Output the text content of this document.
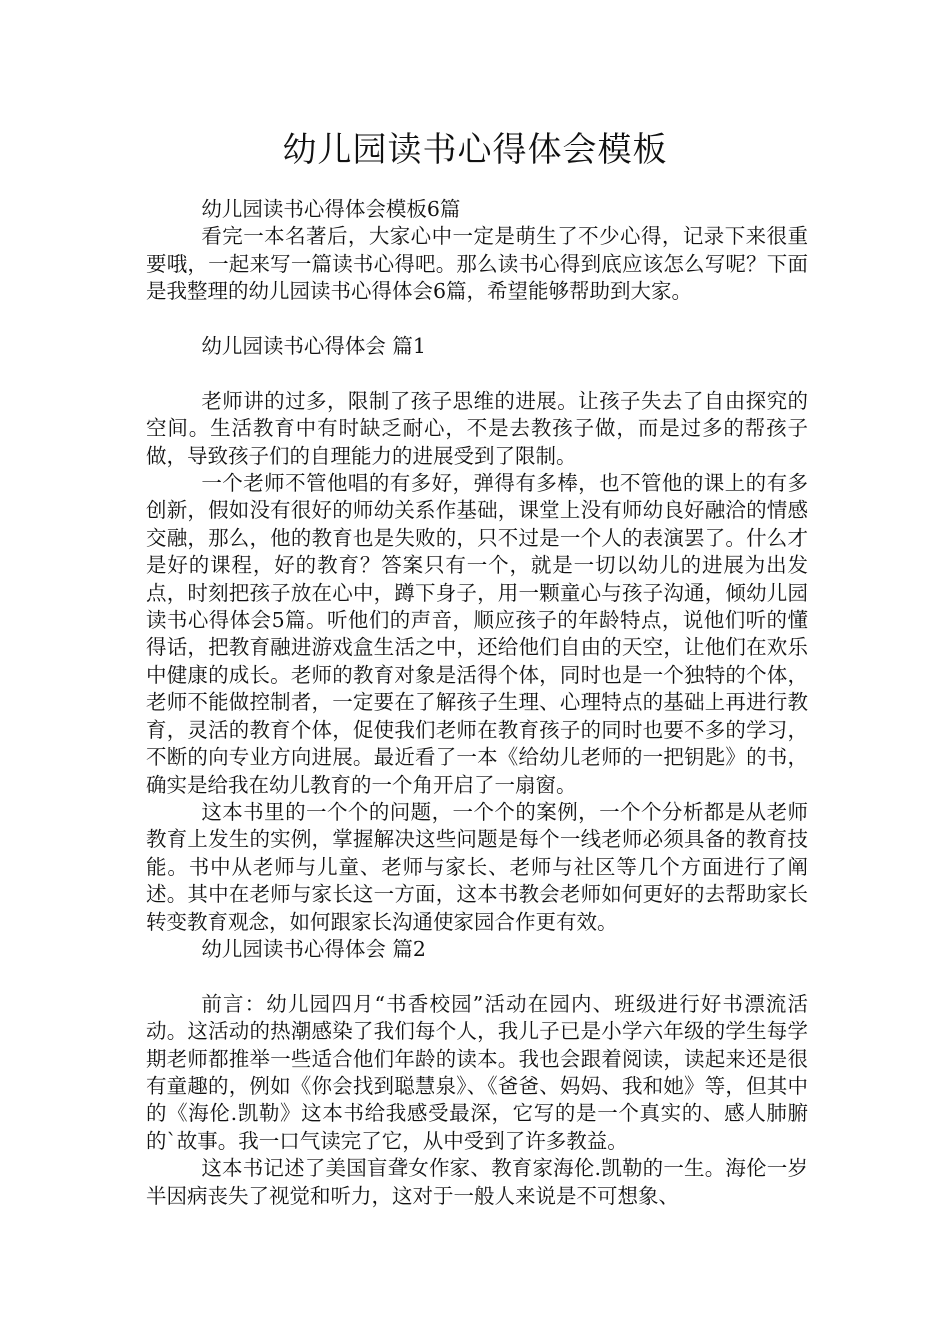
幼儿园读书心得体会模板

幼儿园读书心得体会模板6篇

看完一本名著后，大家心中一定是萌生了不少心得，记录下来很重要哦，一起来写一篇读书心得吧。那么读书心得到底应该怎么写呢？下面是我整理的幼儿园读书心得体会6篇，希望能够帮助到大家。

幼儿园读书心得体会 篇1

老师讲的过多，限制了孩子思维的进展。让孩子失去了自由探究的空间。生活教育中有时缺乏耐心，不是去教孩子做，而是过多的帮孩子做，导致孩子们的自理能力的进展受到了限制。

一个老师不管他唱的有多好，弹得有多棒，也不管他的课上的有多创新，假如没有很好的师幼关系作基础，课堂上没有师幼良好融洽的情感交融，那么，他的教育也是失败的，只不过是一个人的表演罢了。什么才是好的课程，好的教育？答案只有一个，就是一切以幼儿的进展为出发点，时刻把孩子放在心中，蹲下身子，用一颗童心与孩子沟通，倾幼儿园读书心得体会5篇。听他们的声音，顺应孩子的年龄特点，说他们听的懂得话，把教育融进游戏盒生活之中，还给他们自由的天空，让他们在欢乐中健康的成长。老师的教育对象是活得个体，同时也是一个独特的个体，老师不能做控制者，一定要在了解孩子生理、心理特点的基础上再进行教育，灵活的教育个体，促使我们老师在教育孩子的同时也要不多的学习，不断的向专业方向进展。最近看了一本《给幼儿老师的一把钥匙》的书，确实是给我在幼儿教育的一个角开启了一扇窗。

这本书里的一个个的问题，一个个的案例，一个个分析都是从老师教育上发生的实例，掌握解决这些问题是每个一线老师必须具备的教育技能。书中从老师与儿童、老师与家长、老师与社区等几个方面进行了阐述。其中在老师与家长这一方面，这本书教会老师如何更好的去帮助家长转变教育观念，如何跟家长沟通使家园合作更有效。

幼儿园读书心得体会 篇2

前言：幼儿园四月“书香校园”活动在园内、班级进行好书漂流活动。这活动的热潮感染了我们每个人，我儿子已是小学六年级的学生每学期老师都推举一些适合他们年龄的读本。我也会跟着阅读，读起来还是很有童趣的，例如《你会找到聪慧泉》、《爸爸、妈妈、我和她》等，但其中的《海伦.凯勒》这本书给我感受最深，它写的是一个真实的、感人肺腑的`故事。我一口气读完了它，从中受到了许多教益。

这本书记述了美国盲聋女作家、教育家海伦.凯勒的一生。海伦一岁半因病丧失了视觉和听力，这对于一般人来说是不可想象、
